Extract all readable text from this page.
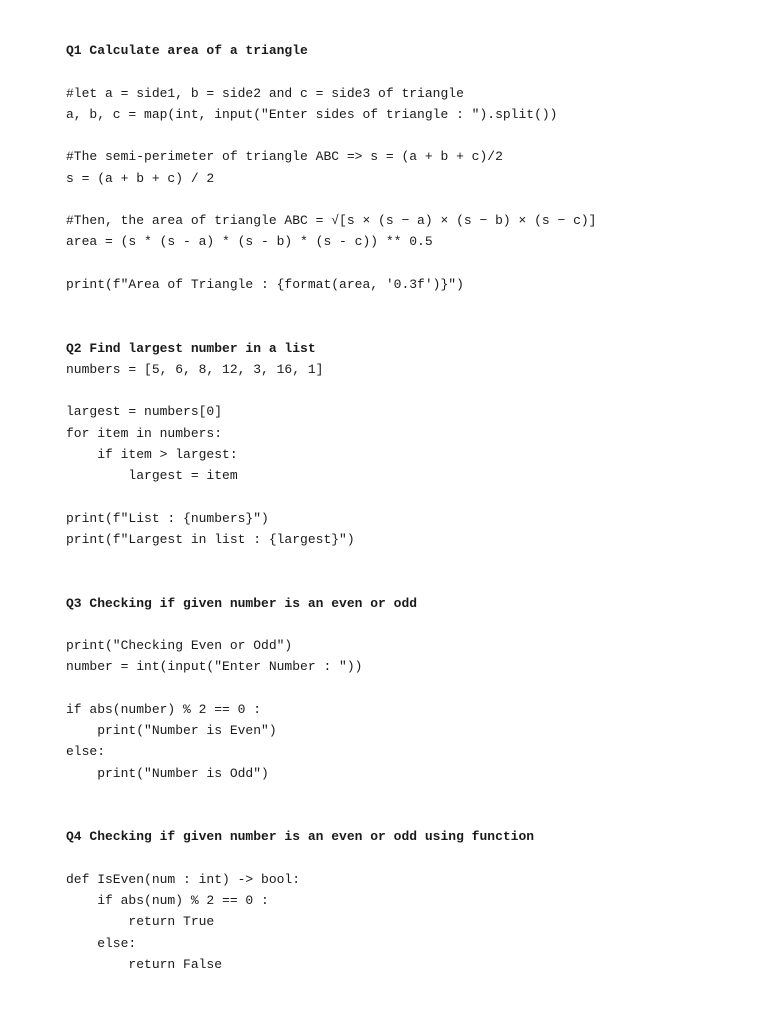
Q1 Calculate area of a triangle
#let a = side1, b = side2 and c = side3 of triangle
a, b, c = map(int, input("Enter sides of triangle : ").split())
#The semi-perimeter of triangle ABC => s = (a + b + c)/2
s = (a + b + c) / 2
#Then, the area of triangle ABC = √[s × (s − a) × (s − b) × (s − c)]
area = (s * (s - a) * (s - b) * (s - c)) ** 0.5
print(f"Area of Triangle : {format(area, '0.3f')}")
Q2 Find largest number in a list
numbers = [5, 6, 8, 12, 3, 16, 1]
largest = numbers[0]
for item in numbers:
if item > largest:
largest = item
print(f"List : {numbers}")
print(f"Largest in list : {largest}")
Q3 Checking if given number is an even or odd
print("Checking Even or Odd")
number = int(input("Enter Number : "))
if abs(number) % 2 == 0 :
print("Number is Even")
else:
print("Number is Odd")
Q4 Checking if given number is an even or odd using function
def IsEven(num : int) -> bool:
if abs(num) % 2 == 0 :
return True
else:
return False
